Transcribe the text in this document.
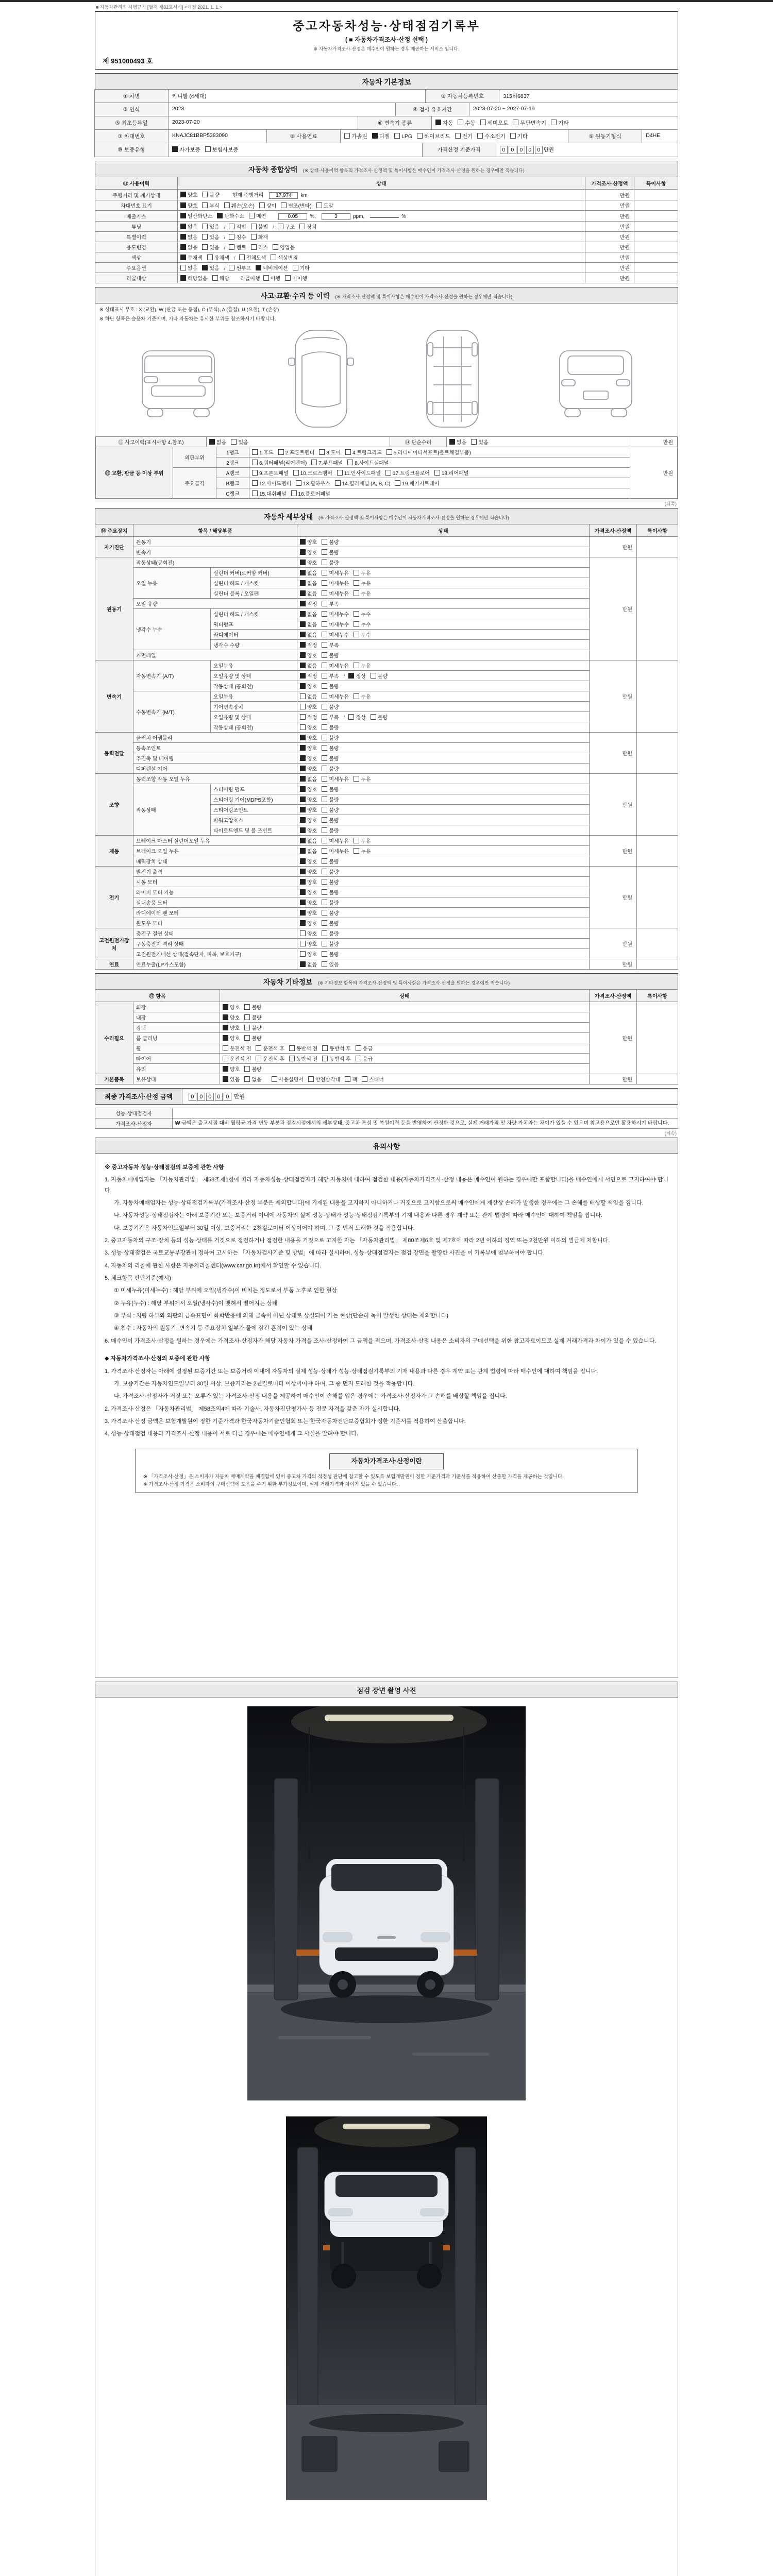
■ 자동차관리법 시행규칙 [별지 제82호서식] <개정 2021. 1. 1.>
중고자동차성능·상태점검기록부
( ■ 자동차가격조사·산정 선택 )
※ 자동차가격조사·산정은 매수인이 원하는 경우 제공하는 서비스 입니다.
제 951000493 호
자동차 기본정보
① 차명	카니발 (4세대)	② 자동차등록번호	315허6837
③ 연식	2023	④ 검사 유효기간	2023-07-20 ~ 2027-07-19
⑤ 최초등록일	2023-07-20	⑥ 변속기 종류	자동 수동 세미오토 무단변속기 기타
⑦ 차대번호	KNAJC81BBP5383090	⑧ 사용연료	가솔린 디젤 LPG 하이브리드 전기 수소전기 기타	⑨ 원동기형식	D4HE
⑩ 보증유형	자가보증 보험사보증	가격산정 기준가격	0 0 0 0 0 만원
자동차 종합상태 (※ 상태·사용이력 항목의 가격조사·산정액 및 특이사항은 매수인이 가격조사·산정을 원하는 경우에만 적습니다)
⑪ 사용이력	상태	가격조사·산정액	특이사항
주행거리 및 계기상태	양호 불량 현재 주행거리 17,974 km	만원	
차대번호 표기	양호 부식 훼손(오손) 상이 변조(변타) 도말	만원	
배출가스	일산화탄소 탄화수소 매연 0.05 %, 3 ppm, %	만원	
튜닝	없음 있음 / 적법 불법 / 구조 장치	만원	
특별이력	없음 있음 / 침수 화재	만원	
용도변경	없음 있음 / 렌트 리스 영업용	만원	
색상	무채색 유채색 / 전체도색 색상변경	만원	
주요옵션	없음 있음 / 썬루프 네비게이션 기타	만원	
리콜대상	해당없음 해당 리콜이행 이행 미이행	만원	
사고·교환·수리 등 이력 (※ 가격조사·산정액 및 특이사항은 매수인이 가격조사·산정을 원하는 경우에만 적습니다)
※ 상태표시 부호 : X (교환), W (판금 또는 용접), C (부식), A (흠집), U (요철), T (손상)
※ 하단 항목은 승용차 기준이며, 기타 자동차는 유사한 부위를 참조하시기 바랍니다.
⑬ 사고이력(표시사항 4.참조)	없음 있음	⑭ 단순수리	없음 있음	만원
⑮ 교환, 판금 등 이상 부위	외판부위	1랭크	1.후드 2.프론트펜더 3.도어 4.트렁크리드 5.라디에이터서포트(볼트체결부품)	만원
		2랭크	6.쿼터패널(리어펜더) 7.루프패널 8.사이드실패널	
	주요골격	A랭크	9.프론트패널 10.크로스멤버 11.인사이드패널 17.트렁크플로어 18.리어패널	
		B랭크	12.사이드멤버 13.휠하우스 14.필러패널 (A, B, C) 19.패키지트레이	
		C랭크	15.대쉬패널 16.플로어패널	
(뒤쪽)
자동차 세부상태 (※ 가격조사·산정액 및 특이사항은 매수인이 자동차가격조사·산정을 원하는 경우에만 적습니다)
⑯ 주요장치	항목 / 해당부품		상태	가격조사·산정액	특이사항
자기진단	원동기		양호 불량	만원	
	변속기		양호 불량		
원동기	작동상태(공회전)		양호 불량	만원	
	오일 누유	실린더 커버(로커암 커버)	없음 미세누유 누유		
		실린더 헤드 / 개스킷	없음 미세누유 누유		
		실린더 블록 / 오일팬	없음 미세누유 누유		
	오일 유량		적정 부족		
	냉각수 누수	실린더 헤드 / 개스킷	없음 미세누수 누수		
		워터펌프	없음 미세누수 누수		
		라디에이터	없음 미세누수 누수		
		냉각수 수량	적정 부족		
	커먼레일		양호 불량		
변속기	자동변속기 (A/T)	오일누유	없음 미세누유 누유	만원	
		오일유량 및 상태	적정 부족 / 정상 불량		
		작동상태 (공회전)	양호 불량		
	수동변속기 (M/T)	오일누유	없음 미세누유 누유		
		기어변속장치	양호 불량		
		오일유량 및 상태	적정 부족 / 정상 불량		
		작동상태 (공회전)	양호 불량		
동력전달	클러치 어셈블리		양호 불량	만원	
	등속조인트		양호 불량		
	추진축 및 베어링		양호 불량		
	디퍼렌셜 기어		양호 불량		
조향	동력조향 작동 오일 누유		없음 미세누유 누유	만원	
	작동상태	스티어링 펌프	양호 불량		
		스티어링 기어(MDPS포함)	양호 불량		
		스티어링조인트	양호 불량		
		파워고압호스	양호 불량		
		타이로드엔드 및 볼 조인트	양호 불량		
제동	브레이크 마스터 실린더오일 누유		없음 미세누유 누유	만원	
	브레이크 오일 누유		없음 미세누유 누유		
	배력장치 상태		양호 불량		
전기	발전기 출력		양호 불량	만원	
	시동 모터		양호 불량		
	와이퍼 모터 기능		양호 불량		
	실내송풍 모터		양호 불량		
	라디에이터 팬 모터		양호 불량		
	윈도우 모터		양호 불량		
고전원전기장치	충전구 절연 상태		양호 불량	만원	
	구동축전지 격리 상태		양호 불량		
	고전원전기배선 상태(접속단자, 피복, 보호기구)		양호 불량		
연료	연료누출(LP가스포함)		없음 있음	만원	
자동차 기타정보 (※ 기타정보 항목의 가격조사·산정액 및 특이사항은 가격조사·산정을 원하는 경우에만 적습니다)
⑰ 항목		상태	가격조사·산정액	특이사항
수리필요	외장	양호 불량	만원	
	내장	양호 불량		
	광택	양호 불량		
	룸 클리닝	양호 불량		
	휠	운전석 전 운전석 후 동반석 전 동반석 후 응급		
	타이어	운전석 전 운전석 후 동반석 전 동반석 후 응급		
	유리	양호 불량		
기본품목	보유상태	있음 없음 사용설명서 안전삼각대 잭 스패너	만원	
최종 가격조사·산정 금액	0 0 0 0 0 만원
성능·상태점검자	
가격조사·산정자	₩ 금액은 출고시점 대비 월평균 가격 변동 부분과 점검시점에서의 세부상태, 중고차 특성 및 복원이력 등을 반영하여 산정한 것으로, 실제 거래가격 및 차량 가치와는 차이가 있을 수 있으며 참고용으로만 활용하시기 바랍니다.
(계속)
유의사항
※ 중고자동차 성능·상태점검의 보증에 관한 사항
1. 자동차매매업자는 「자동차관리법」 제58조제1항에 따라 자동차성능·상태점검자가 해당 자동차에 대하여 점검한 내용(자동차가격조사·산정 내용은 매수인이 원하는 경우에만 포함합니다)을 매수인에게 서면으로 고지하여야 합니다.
가. 자동차매매업자는 성능·상태점검기록부(가격조사·산정 부분은 제외합니다)에 기재된 내용을 고지하지 아니하거나 거짓으로 고지함으로써 매수인에게 재산상 손해가 발생한 경우에는 그 손해를 배상할 책임을 집니다.
나. 자동차성능·상태점검자는 아래 보증기간 또는 보증거리 이내에 자동차의 실제 성능·상태가 성능·상태점검기록부의 기재 내용과 다른 경우 계약 또는 관계 법령에 따라 매수인에 대하여 책임을 집니다.
다. 보증기간은 자동차인도일부터 30일 이상, 보증거리는 2천킬로미터 이상이어야 하며, 그 중 먼저 도래한 것을 적용합니다.
2. 중고자동차의 구조·장치 등의 성능·상태를 거짓으로 점검하거나 점검한 내용을 거짓으로 고지한 자는 「자동차관리법」 제80조제6호 및 제7호에 따라 2년 이하의 징역 또는 2천만원 이하의 벌금에 처합니다.
3. 성능·상태점검은 국토교통부장관이 정하여 고시하는 「자동차검사기준 및 방법」에 따라 실시하며, 성능·상태점검자는 점검 장면을 촬영한 사진을 이 기록부에 첨부하여야 합니다.
4. 자동차의 리콜에 관한 사항은 자동차리콜센터(www.car.go.kr)에서 확인할 수 있습니다.
5. 체크항목 판단기준(예시)
① 미세누유(미세누수) : 해당 부위에 오일(냉각수)이 비치는 정도로서 부품 노후로 인한 현상
② 누유(누수) : 해당 부위에서 오일(냉각수)이 맺혀서 떨어지는 상태
③ 부식 : 차량 하부와 외판의 금속표면이 화학반응에 의해 금속이 아닌 상태로 상실되어 가는 현상(단순히 녹이 발생한 상태는 제외합니다)
④ 침수 : 자동차의 원동기, 변속기 등 주요장치 일부가 물에 잠긴 흔적이 있는 상태
6. 매수인이 가격조사·산정을 원하는 경우에는 가격조사·산정자가 해당 자동차 가격을 조사·산정하여 그 금액을 적으며, 가격조사·산정 내용은 소비자의 구매선택을 위한 참고자료이므로 실제 거래가격과 차이가 있을 수 있습니다.
◆ 자동차가격조사·산정의 보증에 관한 사항
1. 가격조사·산정자는 아래에 설정된 보증기간 또는 보증거리 이내에 자동차의 실제 성능·상태가 성능·상태점검기록부의 기재 내용과 다른 경우 계약 또는 관계 법령에 따라 매수인에 대하여 책임을 집니다.
가. 보증기간은 자동차인도일부터 30일 이상, 보증거리는 2천킬로미터 이상이어야 하며, 그 중 먼저 도래한 것을 적용합니다.
나. 가격조사·산정자가 거짓 또는 오류가 있는 가격조사·산정 내용을 제공하여 매수인이 손해를 입은 경우에는 가격조사·산정자가 그 손해를 배상할 책임을 집니다.
2. 가격조사·산정은 「자동차관리법」 제58조의4에 따라 기술사, 자동차진단평가사 등 전문 자격을 갖춘 자가 실시합니다.
3. 가격조사·산정 금액은 보험개발원이 정한 기준가격과 한국자동차기술인협회 또는 한국자동차진단보증협회가 정한 기준서를 적용하여 산출합니다.
4. 성능·상태점검 내용과 가격조사·산정 내용이 서로 다른 경우에는 매수인에게 그 사실을 알려야 합니다.
자동차가격조사·산정이란
※ 「가격조사·산정」은 소비자가 자동차 매매계약을 체결함에 있어 중고차 가격의 적정성 판단에 참고할 수 있도록 보험개발원이 정한 기준가격과 기준서를 적용하여 산출한 가격을 제공하는 것입니다.
※ 가격조사·산정 가격은 소비자의 구매선택에 도움을 주기 위한 부가정보이며, 실제 거래가격과 차이가 있을 수 있습니다.
점검 장면 촬영 사진
